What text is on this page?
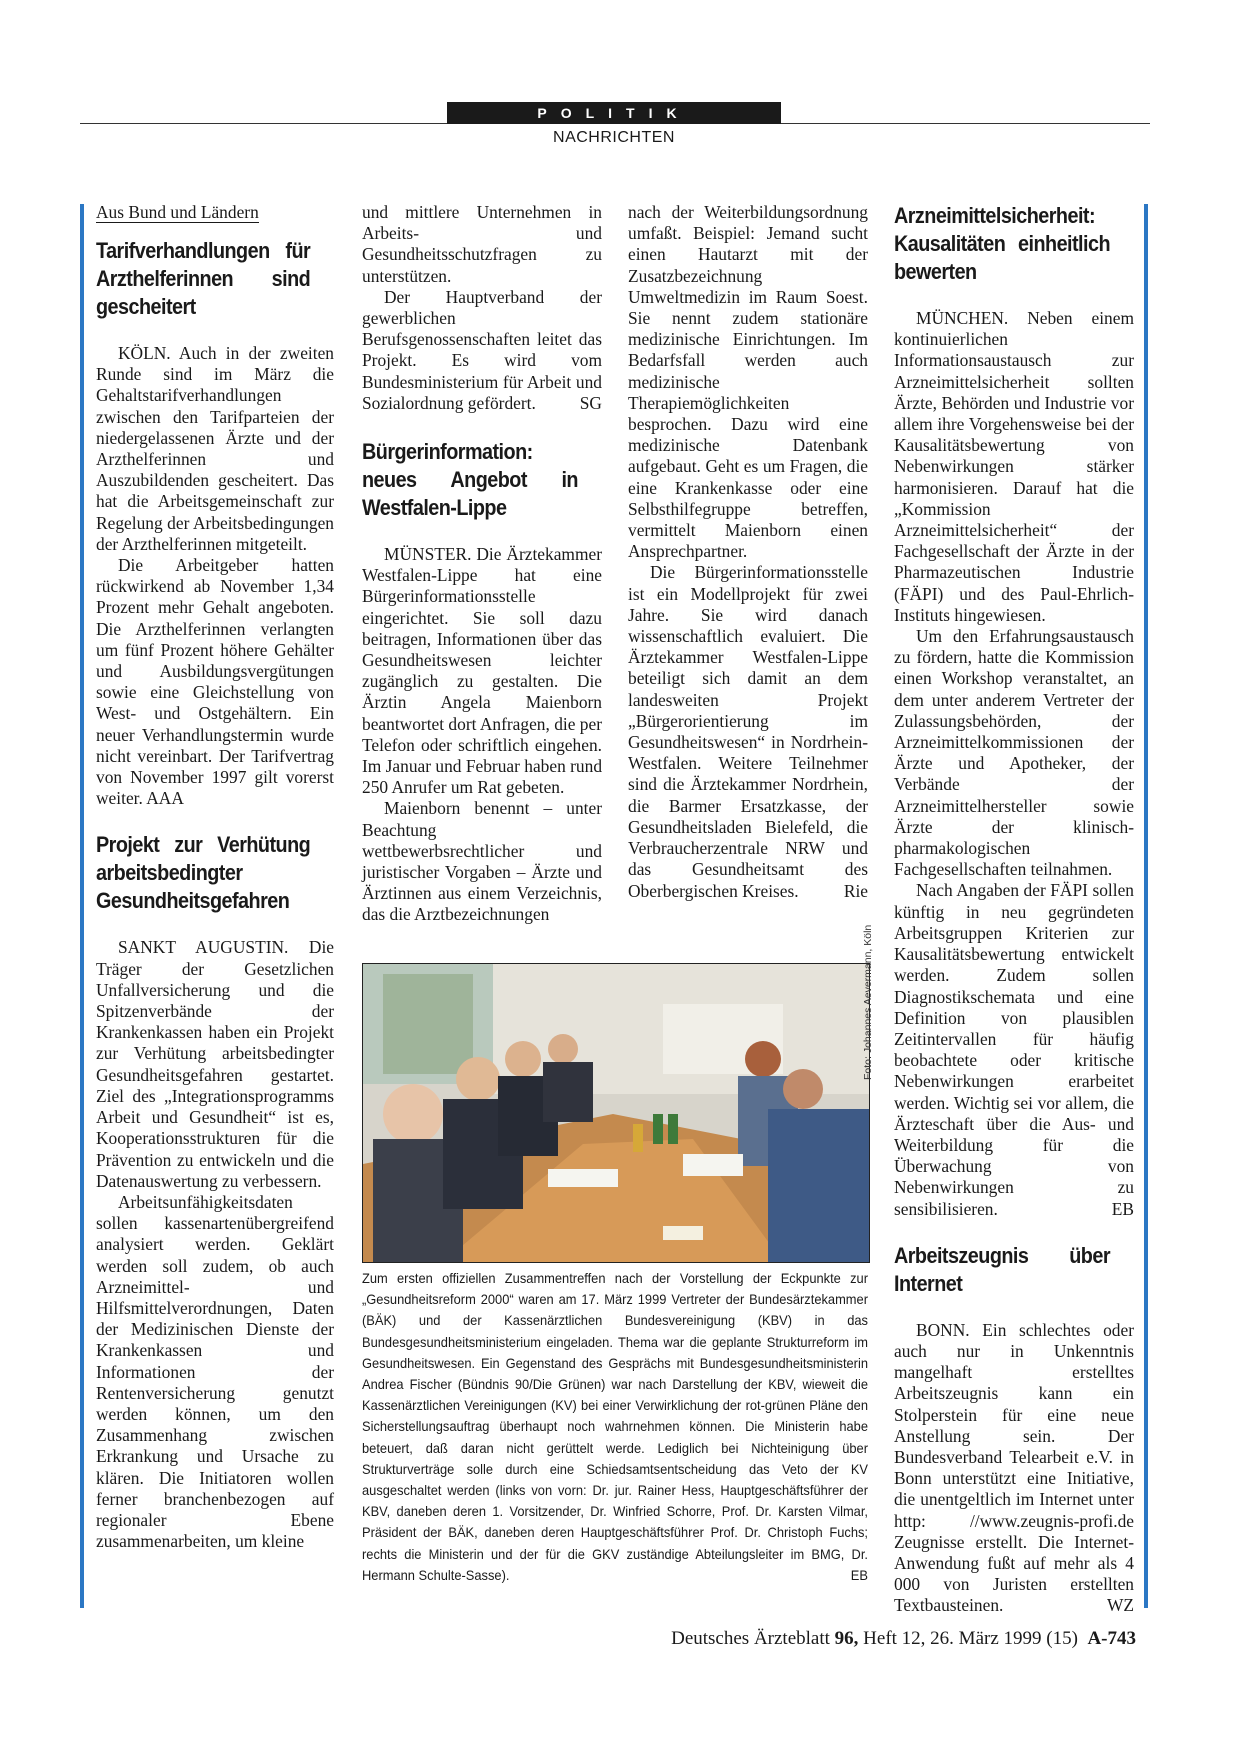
POLITIK
NACHRICHTEN
Aus Bund und Ländern
Tarifverhandlungen für Arzthelferinnen sind gescheitert

KÖLN. Auch in der zweiten Runde sind im März die Gehaltstarifverhandlungen zwischen den Tarifparteien der niedergelassenen Ärzte und der Arzthelferinnen und Auszubildenden gescheitert. Das hat die Arbeitsgemeinschaft zur Regelung der Arbeitsbedingungen der Arzthelferinnen mitgeteilt.

Die Arbeitgeber hatten rückwirkend ab November 1,34 Prozent mehr Gehalt angeboten. Die Arzthelferinnen verlangten um fünf Prozent höhere Gehälter und Ausbildungsvergütungen sowie eine Gleichstellung von West- und Ostgehältern. Ein neuer Verhandlungstermin wurde nicht vereinbart. Der Tarifvertrag von November 1997 gilt vorerst weiter. AAA

Projekt zur Verhütung arbeitsbedingter Gesundheitsgefahren

SANKT AUGUSTIN. Die Träger der Gesetzlichen Unfallversicherung und die Spitzenverbände der Krankenkassen haben ein Projekt zur Verhütung arbeitsbedingter Gesundheitsgefahren gestartet. Ziel des „Integrationsprogramms Arbeit und Gesundheit“ ist es, Kooperationsstrukturen für die Prävention zu entwickeln und die Datenauswertung zu verbessern.

Arbeitsunfähigkeitsdaten sollen kassenartenübergreifend analysiert werden. Geklärt werden soll zudem, ob auch Arzneimittel- und Hilfsmittelverordnungen, Daten der Medizinischen Dienste der Krankenkassen und Informationen der Rentenversicherung genutzt werden können, um den Zusammenhang zwischen Erkrankung und Ursache zu klären. Die Initiatoren wollen ferner branchenbezogen auf regionaler Ebene zusammenarbeiten, um kleine

und mittlere Unternehmen in Arbeits- und Gesundheitsschutzfragen zu unterstützen.

Der Hauptverband der gewerblichen Berufsgenossenschaften leitet das Projekt. Es wird vom Bundesministerium für Arbeit und Sozialordnung gefördert.	SG

Bürgerinformation: neues Angebot in Westfalen-Lippe

MÜNSTER. Die Ärztekammer Westfalen-Lippe hat eine Bürgerinformationsstelle eingerichtet. Sie soll dazu beitragen, Informationen über das Gesundheitswesen leichter zugänglich zu gestalten. Die Ärztin Angela Maienborn beantwortet dort Anfragen, die per Telefon oder schriftlich eingehen. Im Januar und Februar haben rund 250 Anrufer um Rat gebeten.

Maienborn benennt – unter Beachtung wettbewerbsrechtlicher und juristischer Vorgaben – Ärzte und Ärztinnen aus einem Verzeichnis, das die Arztbezeichnungen

nach der Weiterbildungsordnung umfaßt. Beispiel: Jemand sucht einen Hautarzt mit der Zusatzbezeichnung Umweltmedizin im Raum Soest. Sie nennt zudem stationäre medizinische Einrichtungen. Im Bedarfsfall werden auch medizinische Therapiemöglichkeiten besprochen. Dazu wird eine medizinische Datenbank aufgebaut. Geht es um Fragen, die eine Krankenkasse oder eine Selbsthilfegruppe betreffen, vermittelt Maienborn einen Ansprechpartner.

Die Bürgerinformationsstelle ist ein Modellprojekt für zwei Jahre. Sie wird danach wissenschaftlich evaluiert. Die Ärztekammer Westfalen-Lippe beteiligt sich damit an dem landesweiten Projekt „Bürgerorientierung im Gesundheitswesen“ in Nordrhein-Westfalen. Weitere Teilnehmer sind die Ärztekammer Nordrhein, die Barmer Ersatzkasse, der Gesundheitsladen Bielefeld, die Verbraucherzentrale NRW und das Gesundheitsamt des Oberbergischen Kreises.	Rie

Foto: Johannes Aevermann, Köln
Zum ersten offiziellen Zusammentreffen nach der Vorstellung der Eckpunkte zur „Gesundheitsreform 2000“ waren am 17. März 1999 Vertreter der Bundesärztekammer (BÄK) und der Kassenärztlichen Bundesvereinigung (KBV) in das Bundesgesundheitsministerium eingeladen. Thema war die geplante Strukturreform im Gesundheitswesen. Ein Gegenstand des Gesprächs mit Bundesgesundheitsministerin Andrea Fischer (Bündnis 90/Die Grünen) war nach Darstellung der KBV, wieweit die Kassenärztlichen Vereinigungen (KV) bei einer Verwirklichung der rot-grünen Pläne den Sicherstellungsauftrag überhaupt noch wahrnehmen können. Die Ministerin habe beteuert, daß daran nicht gerüttelt werde. Lediglich bei Nichteinigung über Strukturverträge solle durch eine Schiedsamtsentscheidung das Veto der KV ausgeschaltet werden (links von vorn: Dr. jur. Rainer Hess, Hauptgeschäftsführer der KBV, daneben deren 1. Vorsitzender, Dr. Winfried Schorre, Prof. Dr. Karsten Vilmar, Präsident der BÄK, daneben deren Hauptgeschäftsführer Prof. Dr. Christoph Fuchs; rechts die Ministerin und der für die GKV zuständige Abteilungsleiter im BMG, Dr. Hermann Schulte-Sasse).	EB
Arzneimittelsicherheit: Kausalitäten einheitlich bewerten

MÜNCHEN. Neben einem kontinuierlichen Informationsaustausch zur Arzneimittelsicherheit sollten Ärzte, Behörden und Industrie vor allem ihre Vorgehensweise bei der Kausalitätsbewertung von Nebenwirkungen stärker harmonisieren. Darauf hat die „Kommission Arzneimittelsicherheit“ der Fachgesellschaft der Ärzte in der Pharmazeutischen Industrie (FÄPI) und des Paul-Ehrlich-Instituts hingewiesen.

Um den Erfahrungsaustausch zu fördern, hatte die Kommission einen Workshop veranstaltet, an dem unter anderem Vertreter der Zulassungsbehörden, der Arzneimittelkommissionen der Ärzte und Apotheker, der Verbände der Arzneimittelhersteller sowie Ärzte der klinisch-pharmakologischen Fachgesellschaften teilnahmen.

Nach Angaben der FÄPI sollen künftig in neu gegründeten Arbeitsgruppen Kriterien zur Kausalitätsbewertung entwickelt werden. Zudem sollen Diagnostikschemata und eine Definition von plausiblen Zeitintervallen für häufig beobachtete oder kritische Nebenwirkungen erarbeitet werden. Wichtig sei vor allem, die Ärzteschaft über die Aus- und Weiterbildung für die Überwachung von Nebenwirkungen zu sensibilisieren.	EB

Arbeitszeugnis über Internet

BONN. Ein schlechtes oder auch nur in Unkenntnis mangelhaft erstelltes Arbeitszeugnis kann ein Stolperstein für eine neue Anstellung sein. Der Bundesverband Telearbeit e.V. in Bonn unterstützt eine Initiative, die unentgeltlich im Internet unter http: //www.zeugnis-profi.de Zeugnisse erstellt. Die Internet-Anwendung fußt auf mehr als 4 000 von Juristen erstellten Textbausteinen.	WZ

Deutsches Ärzteblatt 96, Heft 12, 26. März 1999 (15) A-743
